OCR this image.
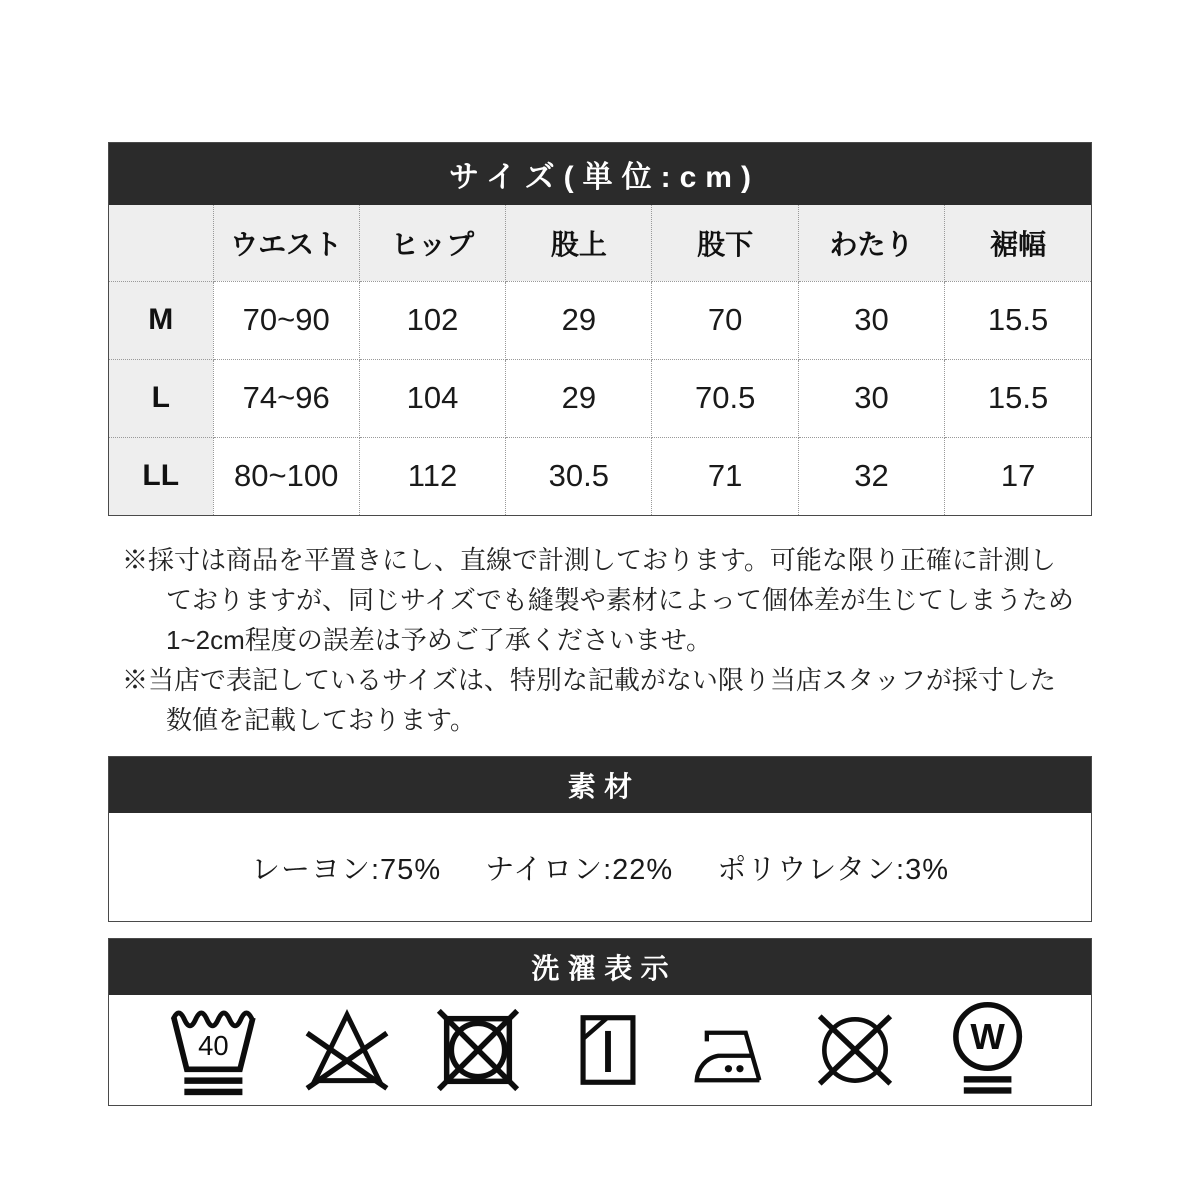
サイズ(単位:cm)
	ウエスト	ヒップ	股上	股下	わたり	裾幅
M	70~90	102	29	70	30	15.5
L	74~96	104	29	70.5	30	15.5
LL	80~100	112	30.5	71	32	17
※採寸は商品を平置きにし、直線で計測しております。可能な限り正確に計測し
ておりますが、同じサイズでも縫製や素材によって個体差が生じてしまうため
1~2cm程度の誤差は予めご了承くださいませ。
※当店で表記しているサイズは、特別な記載がない限り当店スタッフが採寸した
数値を記載しております。
素材
レーヨン:75% ナイロン:22% ポリウレタン:3%
洗濯表示
40	W
